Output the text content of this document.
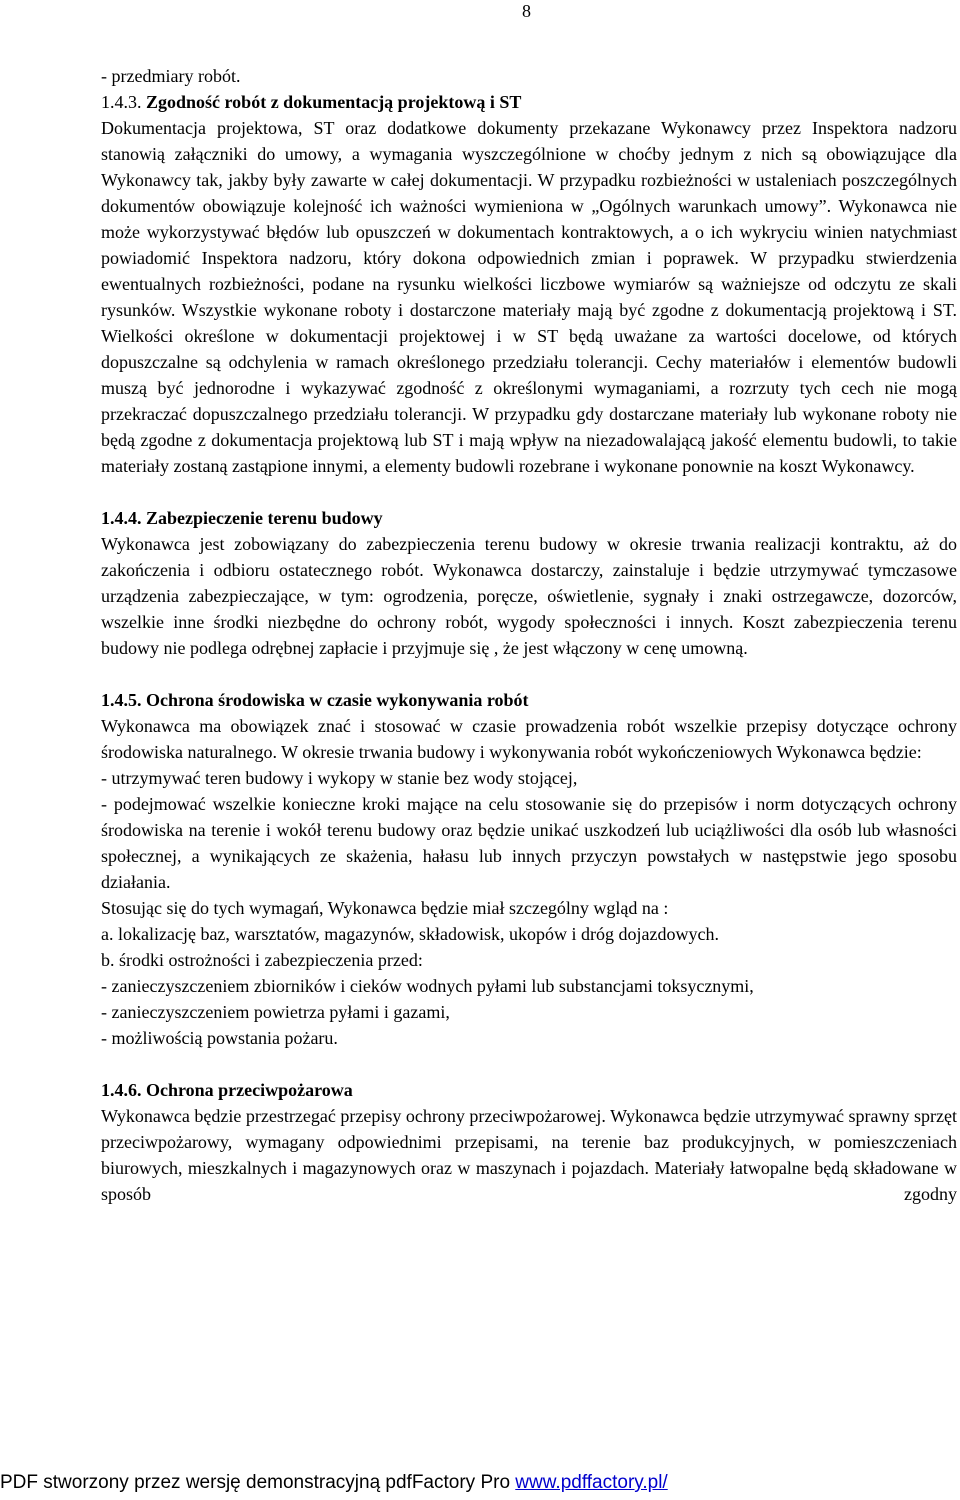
8

- przedmiary robót.

1.4.3. Zgodność robót z dokumentacją projektową i ST

Dokumentacja projektowa, ST oraz dodatkowe dokumenty przekazane Wykonawcy przez Inspektora nadzoru stanowią załączniki do umowy, a wymagania wyszczególnione w choćby jednym z nich są obowiązujące dla Wykonawcy tak, jakby były zawarte w całej dokumentacji. W przypadku rozbieżności w ustaleniach poszczególnych dokumentów obowiązuje kolejność ich ważności wymieniona w „Ogólnych warunkach umowy”. Wykonawca nie może wykorzystywać błędów lub opuszczeń w dokumentach kontraktowych, a o ich wykryciu winien natychmiast powiadomić Inspektora nadzoru, który dokona odpowiednich zmian i poprawek. W przypadku stwierdzenia ewentualnych rozbieżności, podane na rysunku wielkości liczbowe wymiarów są ważniejsze od odczytu ze skali rysunków. Wszystkie wykonane roboty i dostarczone materiały mają być zgodne z dokumentacją projektową i ST. Wielkości określone w dokumentacji projektowej i w ST będą uważane za wartości docelowe, od których dopuszczalne są odchylenia w ramach określonego przedziału tolerancji. Cechy materiałów i elementów budowli muszą być jednorodne i wykazywać zgodność z określonymi wymaganiami, a rozrzuty tych cech nie mogą przekraczać dopuszczalnego przedziału tolerancji. W przypadku gdy dostarczane materiały lub wykonane roboty nie będą zgodne z dokumentacja projektową lub ST i mają wpływ na niezadowalającą jakość elementu budowli, to takie materiały zostaną zastąpione innymi, a elementy budowli rozebrane i wykonane ponownie na koszt Wykonawcy.

1.4.4. Zabezpieczenie terenu budowy

Wykonawca jest zobowiązany do zabezpieczenia terenu budowy w okresie trwania realizacji kontraktu, aż do zakończenia i odbioru ostatecznego robót. Wykonawca dostarczy, zainstaluje i będzie utrzymywać tymczasowe urządzenia zabezpieczające, w tym: ogrodzenia, poręcze, oświetlenie, sygnały i znaki ostrzegawcze, dozorców, wszelkie inne środki niezbędne do ochrony robót, wygody społeczności i innych. Koszt zabezpieczenia terenu budowy nie podlega odrębnej zapłacie i przyjmuje się , że jest włączony w cenę umowną.

1.4.5. Ochrona środowiska w czasie wykonywania robót

Wykonawca ma obowiązek znać i stosować w czasie prowadzenia robót wszelkie przepisy dotyczące ochrony środowiska naturalnego. W okresie trwania budowy i wykonywania robót wykończeniowych Wykonawca będzie:

- utrzymywać teren budowy i wykopy w stanie bez wody stojącej,

- podejmować wszelkie konieczne kroki mające na celu stosowanie się do przepisów i norm dotyczących ochrony środowiska na terenie i wokół terenu budowy oraz będzie unikać uszkodzeń lub uciążliwości dla osób lub własności społecznej, a wynikających ze skażenia, hałasu lub innych przyczyn powstałych w następstwie jego sposobu działania.

Stosując się do tych wymagań, Wykonawca będzie miał szczególny wgląd na :

a. lokalizację baz, warsztatów, magazynów, składowisk, ukopów i dróg dojazdowych.

b. środki ostrożności i zabezpieczenia przed:

- zanieczyszczeniem zbiorników i cieków wodnych pyłami lub substancjami toksycznymi,

- zanieczyszczeniem powietrza pyłami i gazami,

- możliwością powstania pożaru.

1.4.6. Ochrona przeciwpożarowa

Wykonawca będzie przestrzegać przepisy ochrony przeciwpożarowej. Wykonawca będzie utrzymywać sprawny sprzęt przeciwpożarowy, wymagany odpowiednimi przepisami, na terenie baz produkcyjnych, w pomieszczeniach biurowych, mieszkalnych i magazynowych oraz w maszynach i pojazdach. Materiały łatwopalne będą składowane w sposób zgodny

PDF stworzony przez wersję demonstracyjną pdfFactory Pro www.pdffactory.pl/
